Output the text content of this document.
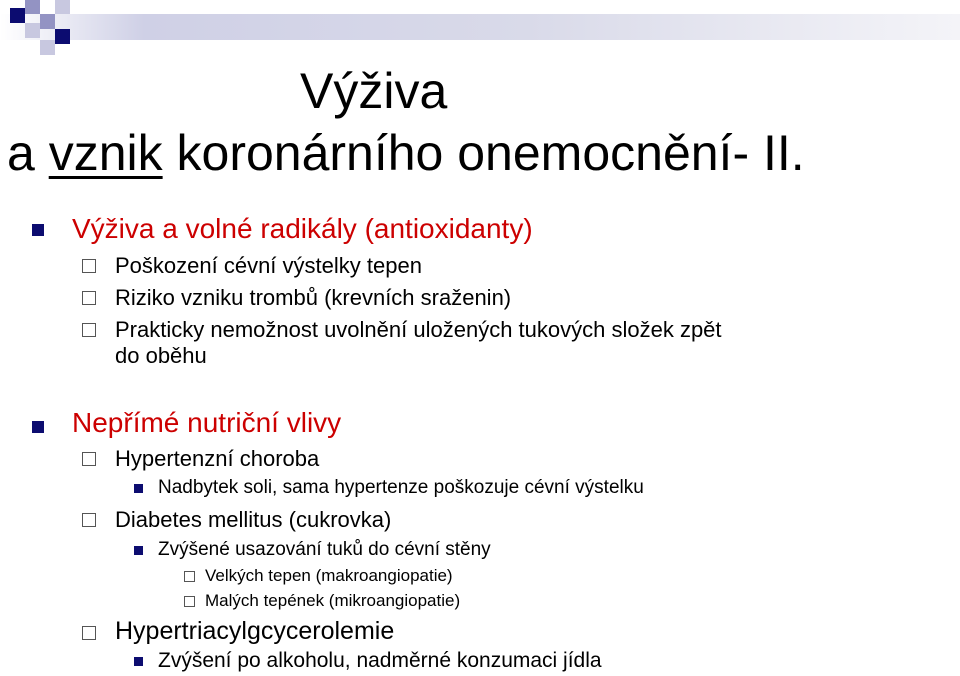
Výživa
a vznik koronárního onemocnění- II.
Výživa a volné radikály (antioxidanty)
Poškození cévní výstelky tepen
Riziko vzniku trombů (krevních sraženin)
Prakticky nemožnost uvolnění uložených tukových složek zpět
do oběhu
Nepřímé nutriční vlivy
Hypertenzní choroba
Nadbytek soli, sama hypertenze poškozuje cévní výstelku
Diabetes mellitus (cukrovka)
Zvýšené usazování tuků do cévní stěny
Velkých tepen (makroangiopatie)
Malých tepének (mikroangiopatie)
Hypertriacylgcycerolemie
Zvýšení po alkoholu, nadměrné konzumaci jídla
